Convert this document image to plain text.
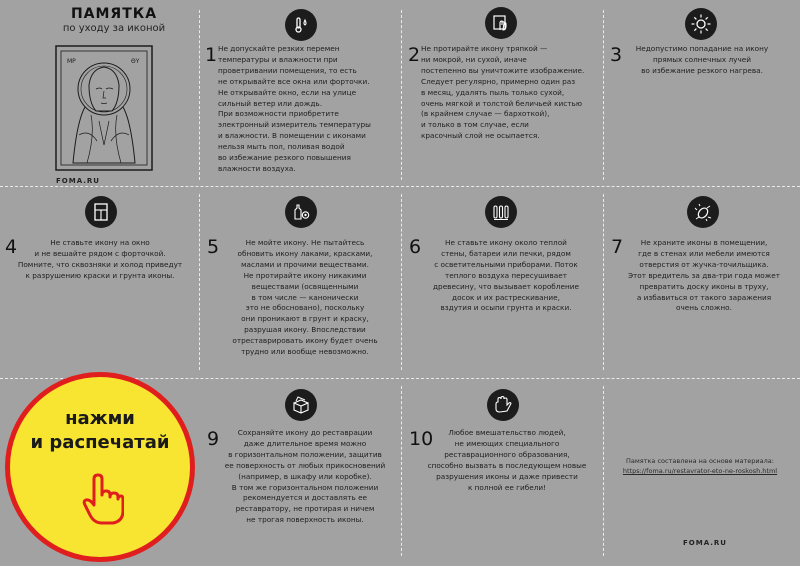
ПАМЯТКА
по уходу за иконой
MP	ΘY
FOMA.RU
1 Не допускайте резких перемен
температуры и влажности при
проветривании помещения, то есть
не открывайте все окна или форточки.
Не открывайте окно, если на улице
сильный ветер или дождь.
При возможности приобретите
электронный измеритель температуры
и влажности. В помещении с иконами
нельзя мыть пол, поливая водой
во избежание резкого повышения
влажности воздуха.
2 Не протирайте икону тряпкой —
ни мокрой, ни сухой, иначе
постепенно вы уничтожите изображение.
Следует регулярно, примерно один раз
в месяц, удалять пыль только сухой,
очень мягкой и толстой беличьей кистью
(в крайнем случае — бархоткой),
и только в том случае, если
красочный слой не осыпается.
3	Недопустимо попадание на икону
прямых солнечных лучей
во избежание резкого нагрева.
4	Не ставьте икону на окно
и не вешайте рядом с форточкой.
Помните, что сквозняки и холод приведут
к разрушению краски и грунта иконы.
5	Не мойте икону. Не пытайтесь
обновить икону лаками, красками,
маслами и прочими веществами.
Не протирайте икону никакими
веществами (освященными
в том числе — канонически
это не обосновано), поскольку
они проникают в грунт и краску,
разрушая икону. Впоследствии
отреставрировать икону будет очень
трудно или вообще невозможно.
6	Не ставьте икону около теплой
стены, батареи или печки, рядом
с осветительными приборами. Поток
теплого воздуха пересушивает
древесину, что вызывает коробление
досок и их растрескивание,
вздутия и осыпи грунта и краски.
7	Не храните иконы в помещении,
где в стенах или мебели имеются
отверстия от жучка-точильщика.
Этот вредитель за два-три года может
превратить доску иконы в труху,
а избавиться от такого заражения
очень сложно.
нажми
и распечатай	9	Сохраняйте икону до реставрации
даже длительное время можно
в горизонтальном положении, защитив
ее поверхность от любых прикосновений
(например, в шкафу или коробке).
В том же горизонтальном положении
рекомендуется и доставлять ее
реставратору, не протирая и ничем
не трогая поверхность иконы.
10	Любое вмешательство людей,
не имеющих специального
реставрационного образования,
способно вызвать в последующем новые
разрушения иконы и даже привести
к полной ее гибели!
Памятка составлена на основе материала:
https://foma.ru/restavrator-eto-ne-roskosh.html
FOMA.RU
